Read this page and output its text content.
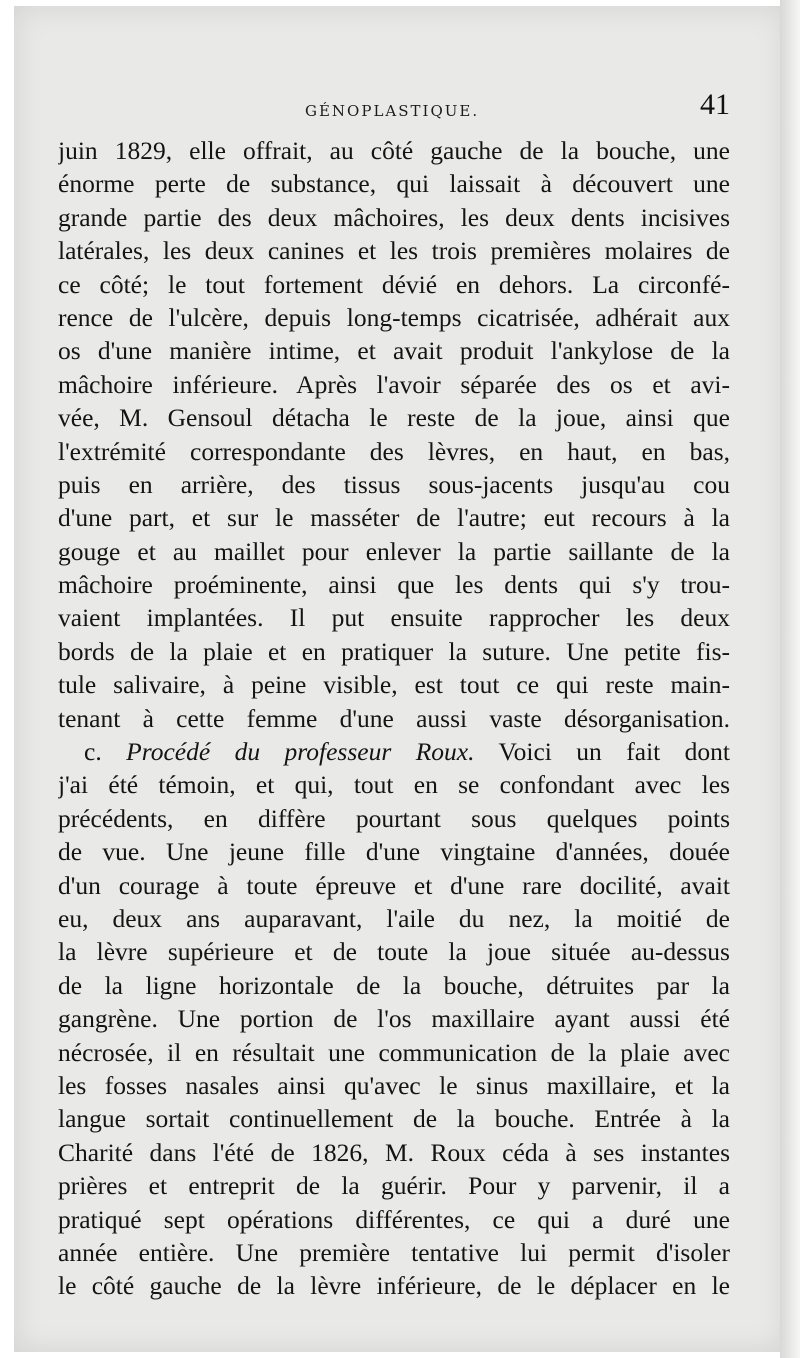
GÉNOPLASTIQUE.	41
juin 1829, elle offrait, au côté gauche de la bouche, une
énorme perte de substance, qui laissait à découvert une
grande partie des deux mâchoires, les deux dents incisives
latérales, les deux canines et les trois premières molaires de
ce côté; le tout fortement dévié en dehors. La circonfé-
rence de l'ulcère, depuis long-temps cicatrisée, adhérait aux
os d'une manière intime, et avait produit l'ankylose de la
mâchoire inférieure. Après l'avoir séparée des os et avi-
vée, M. Gensoul détacha le reste de la joue, ainsi que
l'extrémité correspondante des lèvres, en haut, en bas,
puis en arrière, des tissus sous-jacents jusqu'au cou
d'une part, et sur le masséter de l'autre; eut recours à la
gouge et au maillet pour enlever la partie saillante de la
mâchoire proéminente, ainsi que les dents qui s'y trou-
vaient implantées. Il put ensuite rapprocher les deux
bords de la plaie et en pratiquer la suture. Une petite fis-
tule salivaire, à peine visible, est tout ce qui reste main-
tenant à cette femme d'une aussi vaste désorganisation.
c. Procédé du professeur Roux. Voici un fait dont
j'ai été témoin, et qui, tout en se confondant avec les
précédents, en diffère pourtant sous quelques points
de vue. Une jeune fille d'une vingtaine d'années, douée
d'un courage à toute épreuve et d'une rare docilité, avait
eu, deux ans auparavant, l'aile du nez, la moitié de
la lèvre supérieure et de toute la joue située au-dessus
de la ligne horizontale de la bouche, détruites par la
gangrène. Une portion de l'os maxillaire ayant aussi été
nécrosée, il en résultait une communication de la plaie avec
les fosses nasales ainsi qu'avec le sinus maxillaire, et la
langue sortait continuellement de la bouche. Entrée à la
Charité dans l'été de 1826, M. Roux céda à ses instantes
prières et entreprit de la guérir. Pour y parvenir, il a
pratiqué sept opérations différentes, ce qui a duré une
année entière. Une première tentative lui permit d'isoler
le côté gauche de la lèvre inférieure, de le déplacer en le
